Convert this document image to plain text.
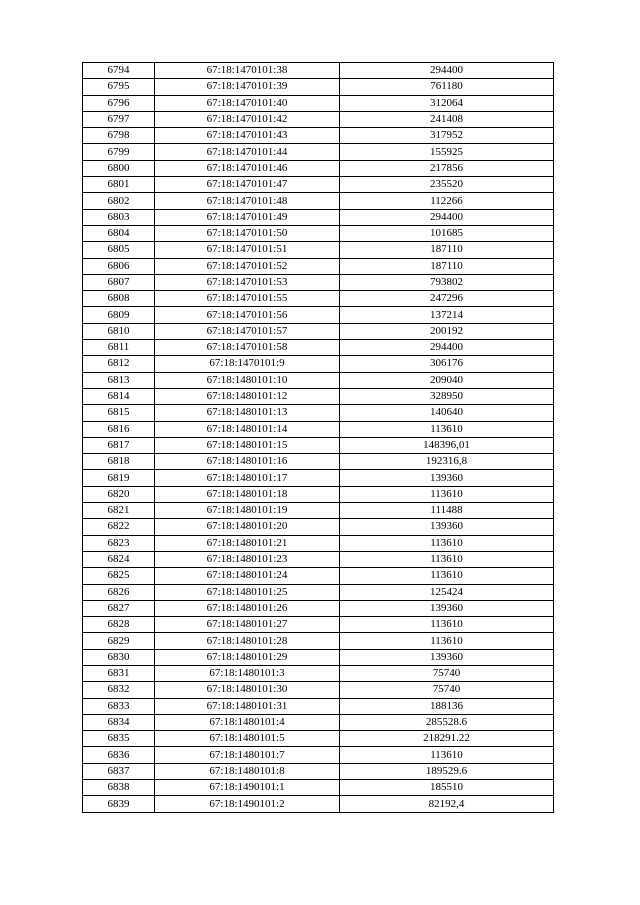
6794	67:18:1470101:38	294400
6795	67:18:1470101:39	761180
6796	67:18:1470101:40	312064
6797	67:18:1470101:42	241408
6798	67:18:1470101:43	317952
6799	67:18:1470101:44	155925
6800	67:18:1470101:46	217856
6801	67:18:1470101:47	235520
6802	67:18:1470101:48	112266
6803	67:18:1470101:49	294400
6804	67:18:1470101:50	101685
6805	67:18:1470101:51	187110
6806	67:18:1470101:52	187110
6807	67:18:1470101:53	793802
6808	67:18:1470101:55	247296
6809	67:18:1470101:56	137214
6810	67:18:1470101:57	200192
6811	67:18:1470101:58	294400
6812	67:18:1470101:9	306176
6813	67:18:1480101:10	209040
6814	67:18:1480101:12	328950
6815	67:18:1480101:13	140640
6816	67:18:1480101:14	113610
6817	67:18:1480101:15	148396,01
6818	67:18:1480101:16	192316,8
6819	67:18:1480101:17	139360
6820	67:18:1480101:18	113610
6821	67:18:1480101:19	111488
6822	67:18:1480101:20	139360
6823	67:18:1480101:21	113610
6824	67:18:1480101:23	113610
6825	67:18:1480101:24	113610
6826	67:18:1480101:25	125424
6827	67:18:1480101:26	139360
6828	67:18:1480101:27	113610
6829	67:18:1480101:28	113610
6830	67:18:1480101:29	139360
6831	67:18:1480101:3	75740
6832	67:18:1480101:30	75740
6833	67:18:1480101:31	188136
6834	67:18:1480101:4	285528.6
6835	67:18:1480101:5	218291.22
6836	67:18:1480101:7	113610
6837	67:18:1480101:8	189529.6
6838	67:18:1490101:1	185510
6839	67:18:1490101:2	82192,4
